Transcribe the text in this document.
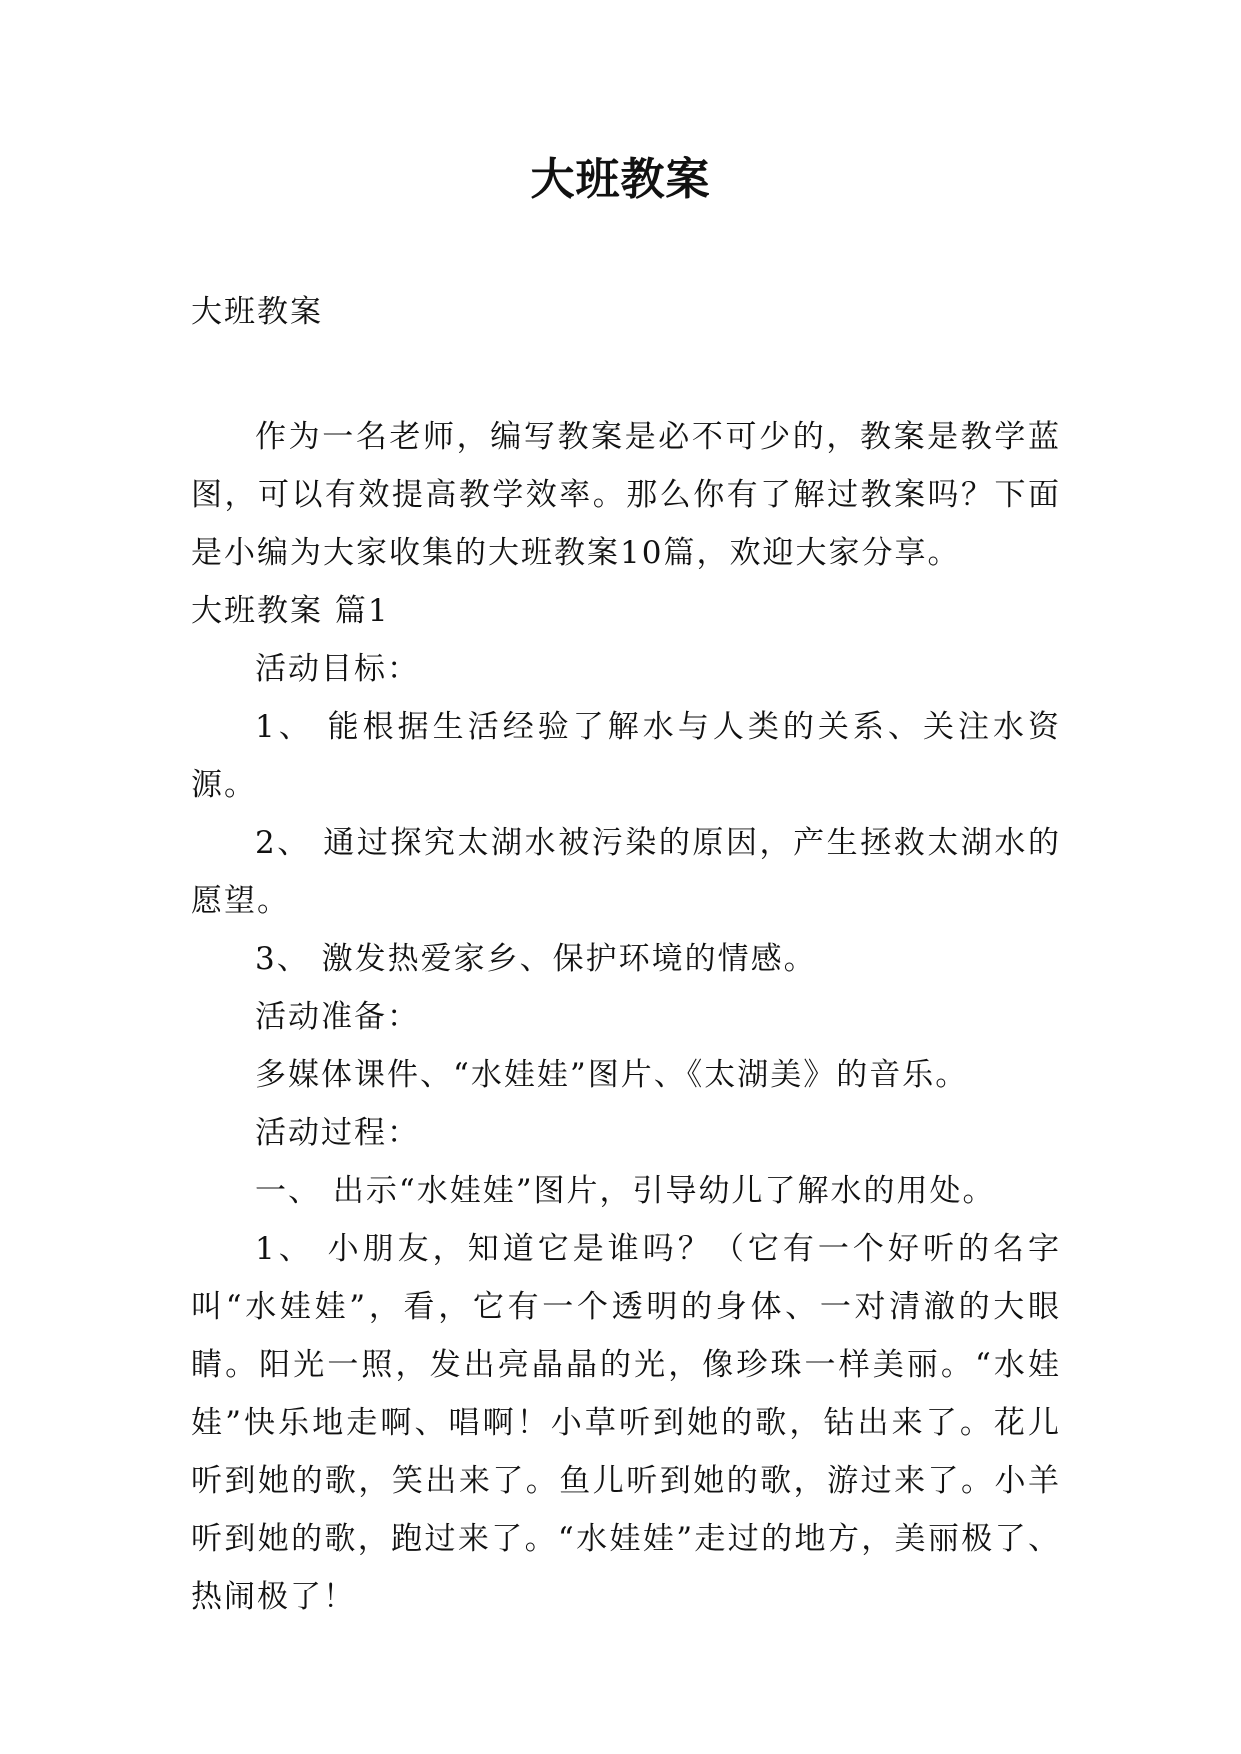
大班教案
大班教案

作为一名老师，编写教案是必不可少的，教案是教学蓝图，可以有效提高教学效率。那么你有了解过教案吗？下面是小编为大家收集的大班教案10篇，欢迎大家分享。

大班教案 篇1

活动目标：

1、 能根据生活经验了解水与人类的关系、关注水资源。

2、 通过探究太湖水被污染的原因，产生拯救太湖水的愿望。

3、 激发热爱家乡、保护环境的情感。

活动准备：

多媒体课件、“水娃娃”图片、《太湖美》的音乐。

活动过程：

一、 出示“水娃娃”图片，引导幼儿了解水的用处。

1、 小朋友，知道它是谁吗？（它有一个好听的名字叫“水娃娃”，看，它有一个透明的身体、一对清澈的大眼睛。阳光一照，发出亮晶晶的光，像珍珠一样美丽。“水娃娃”快乐地走啊、唱啊！小草听到她的歌，钻出来了。花儿听到她的歌，笑出来了。鱼儿听到她的歌，游过来了。小羊听到她的歌，跑过来了。“水娃娃”走过的地方，美丽极了、热闹极了！
